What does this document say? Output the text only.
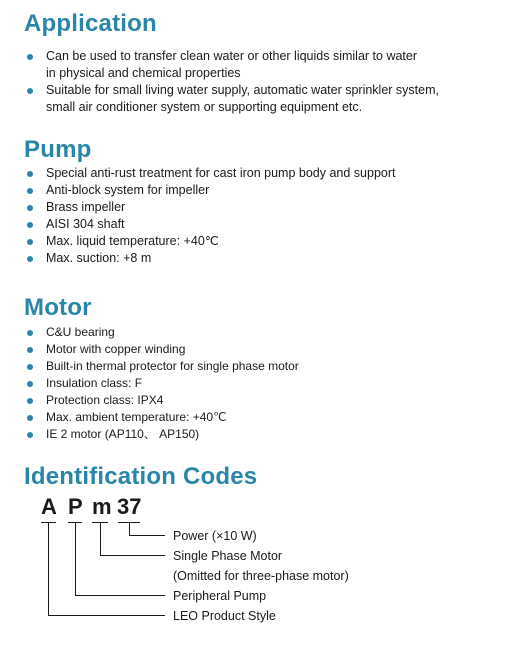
Application
Can be used to transfer clean water or other liquids similar to water
in physical and chemical properties
Suitable for small living water supply, automatic water sprinkler system,
small air conditioner system or supporting equipment etc.
Pump
Special anti-rust treatment for cast iron pump body and support
Anti-block system for impeller
Brass impeller
AISI 304 shaft
Max. liquid temperature: +40℃
Max. suction: +8 m
Motor
C&U bearing
Motor with copper winding
Built-in thermal protector for single phase motor
Insulation class: F
Protection class: IPX4
Max. ambient temperature: +40℃
IE 2 motor (AP110、 AP150)
Identification Codes
A P m 37
Power (×10 W)
Single Phase Motor
(Omitted for three-phase motor)
Peripheral Pump
LEO Product Style
